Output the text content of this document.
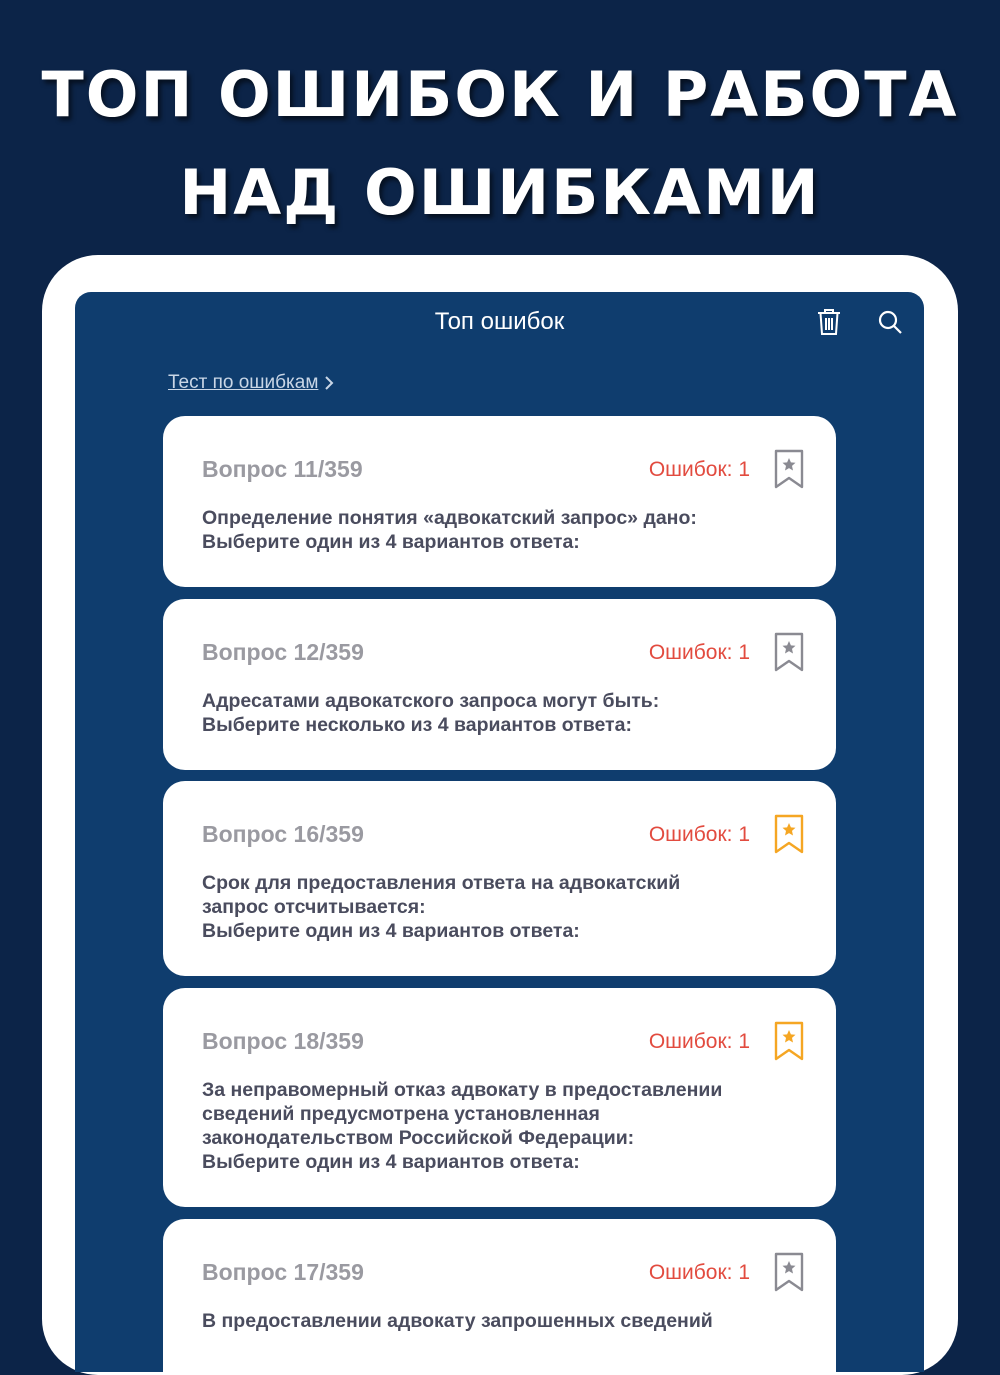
ТОП ОШИБОК И РАБОТА
НАД ОШИБКАМИ
Топ ошибок
Тест по ошибкам
Вопрос 11/359	Ошибок: 1
Определение понятия «адвокатский запрос» дано:
Выберите один из 4 вариантов ответа:
Вопрос 12/359	Ошибок: 1
Адресатами адвокатского запроса могут быть:
Выберите несколько из 4 вариантов ответа:
Вопрос 16/359	Ошибок: 1
Срок для предоставления ответа на адвокатский
запрос отсчитывается:
Выберите один из 4 вариантов ответа:
Вопрос 18/359	Ошибок: 1
За неправомерный отказ адвокату в предоставлении
сведений предусмотрена установленная
законодательством Российской Федерации:
Выберите один из 4 вариантов ответа:
Вопрос 17/359	Ошибок: 1
В предоставлении адвокату запрошенных сведений
